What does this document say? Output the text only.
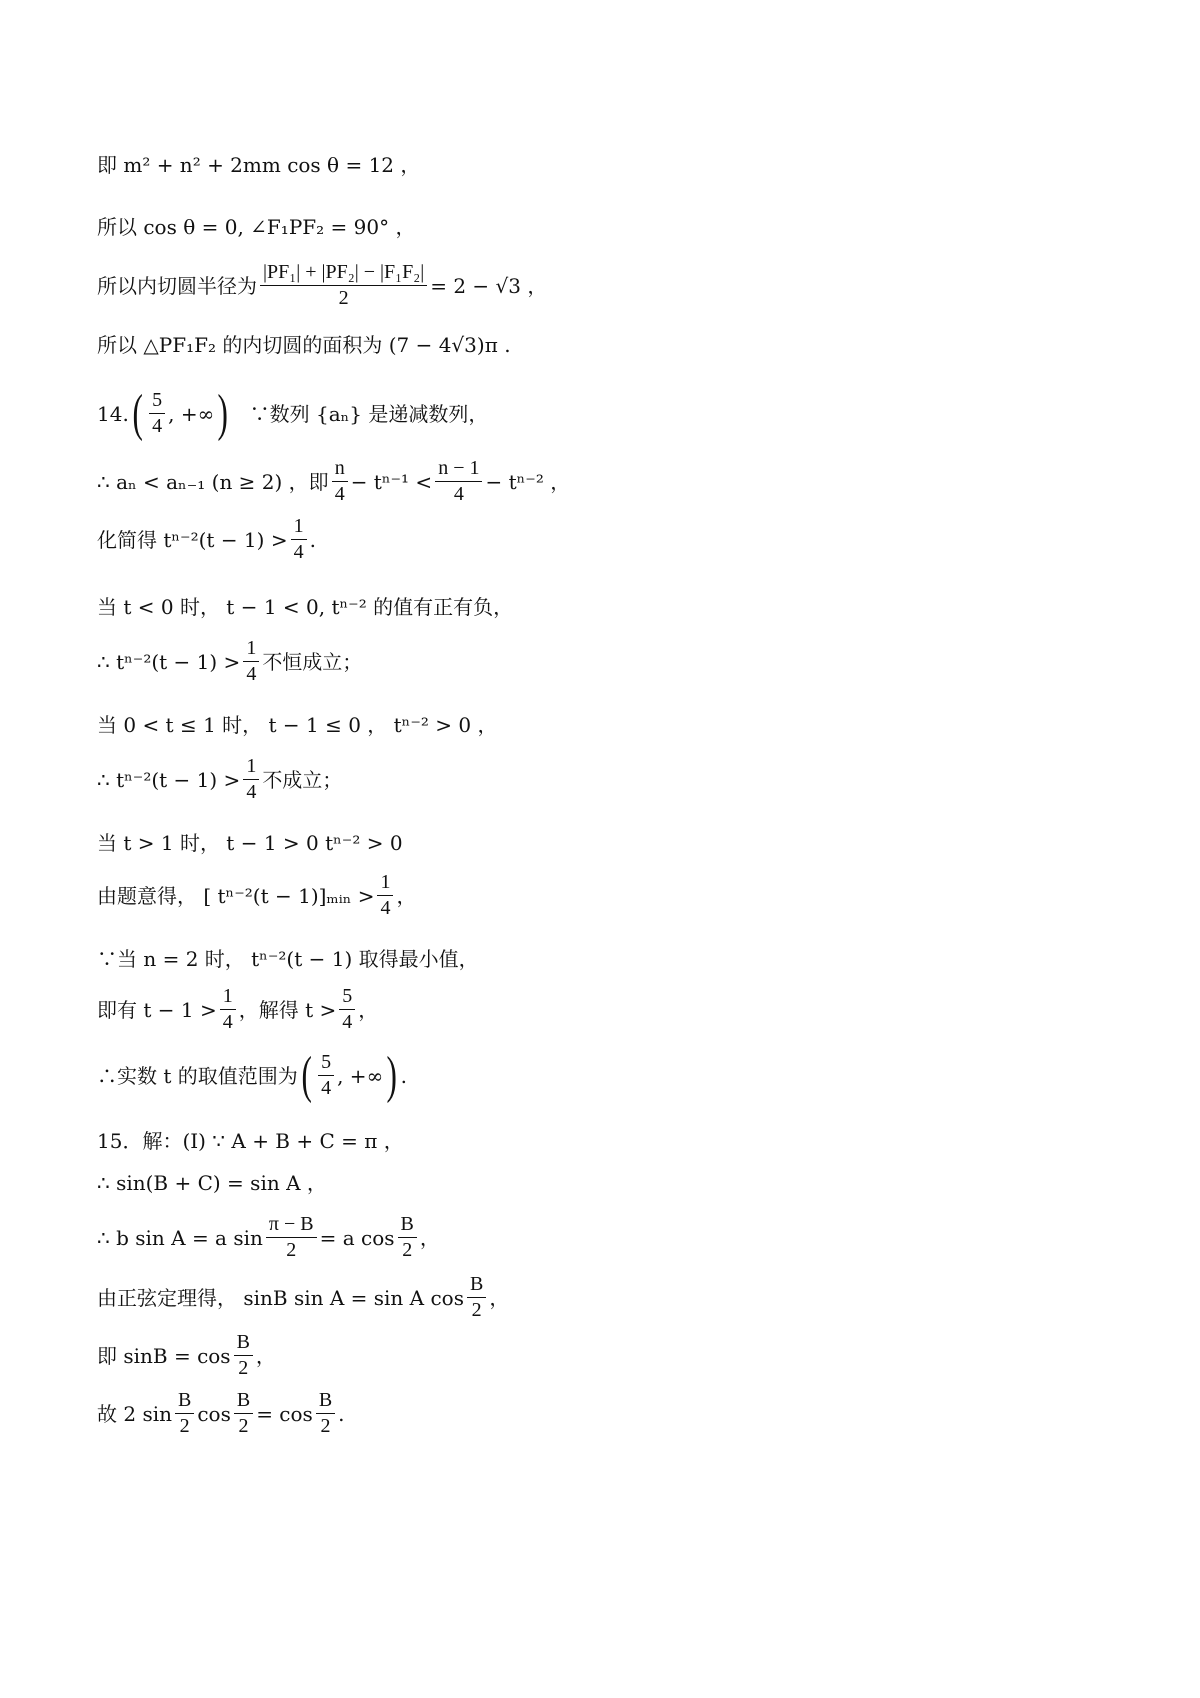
即 m² + n² + 2mm cos θ = 12 ，
所以 cos θ = 0, ∠F₁PF₂ = 90° ，
所以内切圆半径为 $\frac{\text{|PF₁| + |PF₂| − |F₁F₂|}}{2} = 2 - √3$ ，
所以 △PF₁F₂ 的内切圆的面积为 (7 − 4√3)π .
14. ( $\frac{5}{4}$ , +∞ ) ∵数列 {aₙ} 是递减数列，
∴ aₙ < aₙ₋₁ (n ≥ 2) ，即 $\frac{n}{4} - t^{n-1} < \frac{n - 1}{4} - t^{n-2}$ ，
化简得 $t^{n-2}(t - 1) > \frac{1}{4}$ .
当 t < 0 时， t − 1 < 0, tⁿ⁻² 的值有正有负，
∴ $t^{n-2}(t - 1) > \frac{1}{4}$ 不恒成立；
当 0 < t ≤ 1 时， t − 1 ≤ 0 ， tⁿ⁻² > 0 ，
∴ $t^{n-2}(t - 1) > \frac{1}{4}$ 不成立；
当 t > 1 时， t − 1 > 0 tⁿ⁻² > 0
由题意得， [ tⁿ⁻²(t − 1)]ₘᵢₙ > $\frac{1}{4}$ ，
∵当 n = 2 时， tⁿ⁻²(t − 1) 取得最小值，
即有 $t - 1 > \frac{1}{4}$ ，解得 $t > \frac{5}{4}$ ，
∴实数 t 的取值范围为 ( $\frac{5}{4}$ , +∞ ) .
15．解：(Ⅰ) ∵ A + B + C = π ，
∴ sin(B + C) = sin A ，
∴ b sin A = a $\sin \frac{\pi - B}{2} = a$ $\cos \frac{B}{2}$ ，
由正弦定理得， sinB sin A = sin A $\cos \frac{B}{2}$ ，
即 $\sin B = \cos \frac{B}{2}$ ，
故 2 $\sin \frac{B}{2}$ $\cos \frac{B}{2} = \cos \frac{B}{2}$ .
